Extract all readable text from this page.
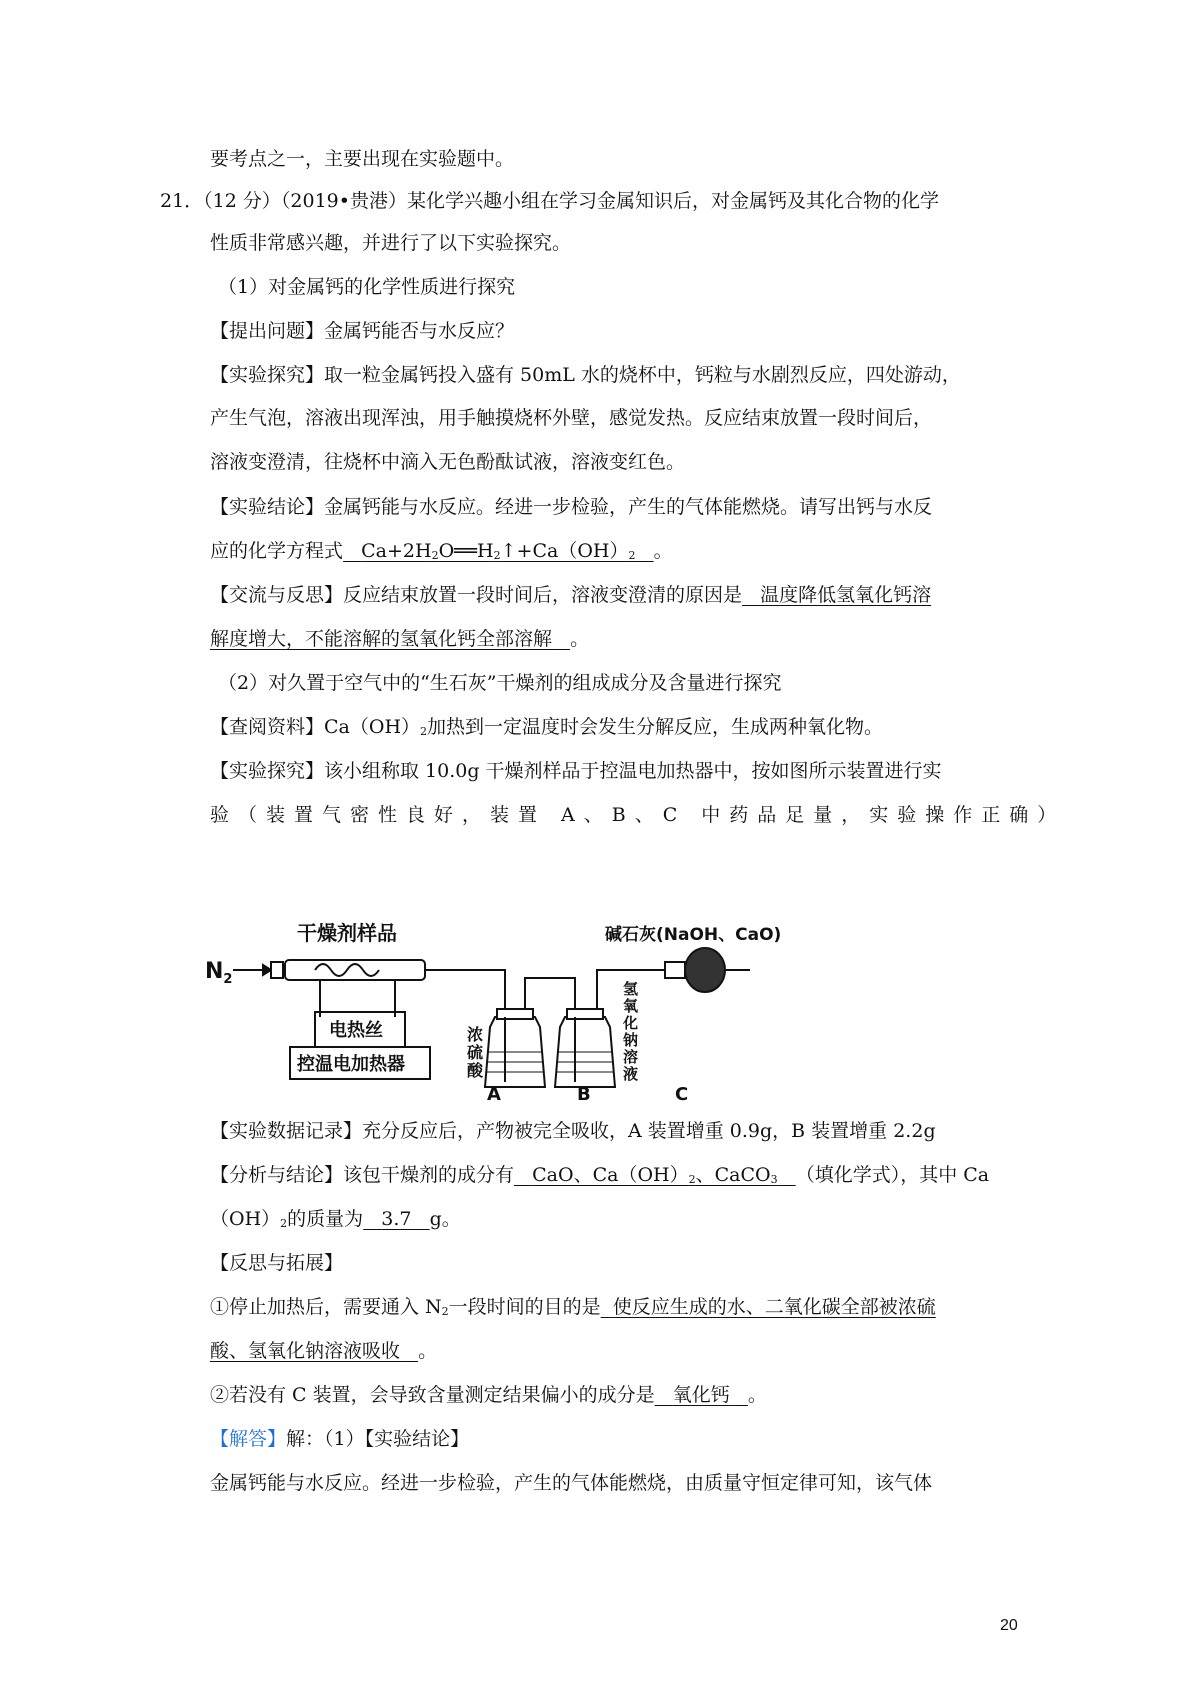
要考点之一，主要出现在实验题中。
21．（12 分）（2019•贵港）某化学兴趣小组在学习金属知识后，对金属钙及其化合物的化学
性质非常感兴趣，并进行了以下实验探究。
（1）对金属钙的化学性质进行探究
【提出问题】金属钙能否与水反应？
【实验探究】取一粒金属钙投入盛有 50mL 水的烧杯中，钙粒与水剧烈反应，四处游动，
产生气泡，溶液出现浑浊，用手触摸烧杯外壁，感觉发热。反应结束放置一段时间后，
溶液变澄清，往烧杯中滴入无色酚酞试液，溶液变红色。
【实验结论】金属钙能与水反应。经进一步检验，产生的气体能燃烧。请写出钙与水反
应的化学方程式 Ca+2H2O══H2↑+Ca（OH）2 。
【交流与反思】反应结束放置一段时间后，溶液变澄清的原因是 温度降低氢氧化钙溶
解度增大，不能溶解的氢氧化钙全部溶解 。
（2）对久置于空气中的“生石灰”干燥剂的组成成分及含量进行探究
【查阅资料】Ca（OH）2加热到一定温度时会发生分解反应，生成两种氧化物。
【实验探究】该小组称取 10.0g 干燥剂样品于控温电加热器中，按如图所示装置进行实
验（装置气密性良好，装置 A、B、C 中药品足量，实验操作正确）
干燥剂样品	碱石灰(NaOH、CaO)
$N_2$
电热丝
控温电加热器
浓
硫
酸
氢
氧
化
钠
溶
液
A	B	C
【实验数据记录】充分反应后，产物被完全吸收，A 装置增重 0.9g，B 装置增重 2.2g
【分析与结论】该包干燥剂的成分有 CaO、Ca（OH）2、CaCO3 （填化学式），其中 Ca
（OH）2的质量为 3.7 g。
【反思与拓展】
①停止加热后，需要通入 N2一段时间的目的是 使反应生成的水、二氧化碳全部被浓硫
酸、氢氧化钠溶液吸收 。
②若没有 C 装置，会导致含量测定结果偏小的成分是 氧化钙 。
【解答】解：（1）【实验结论】
金属钙能与水反应。经进一步检验，产生的气体能燃烧，由质量守恒定律可知，该气体
20
